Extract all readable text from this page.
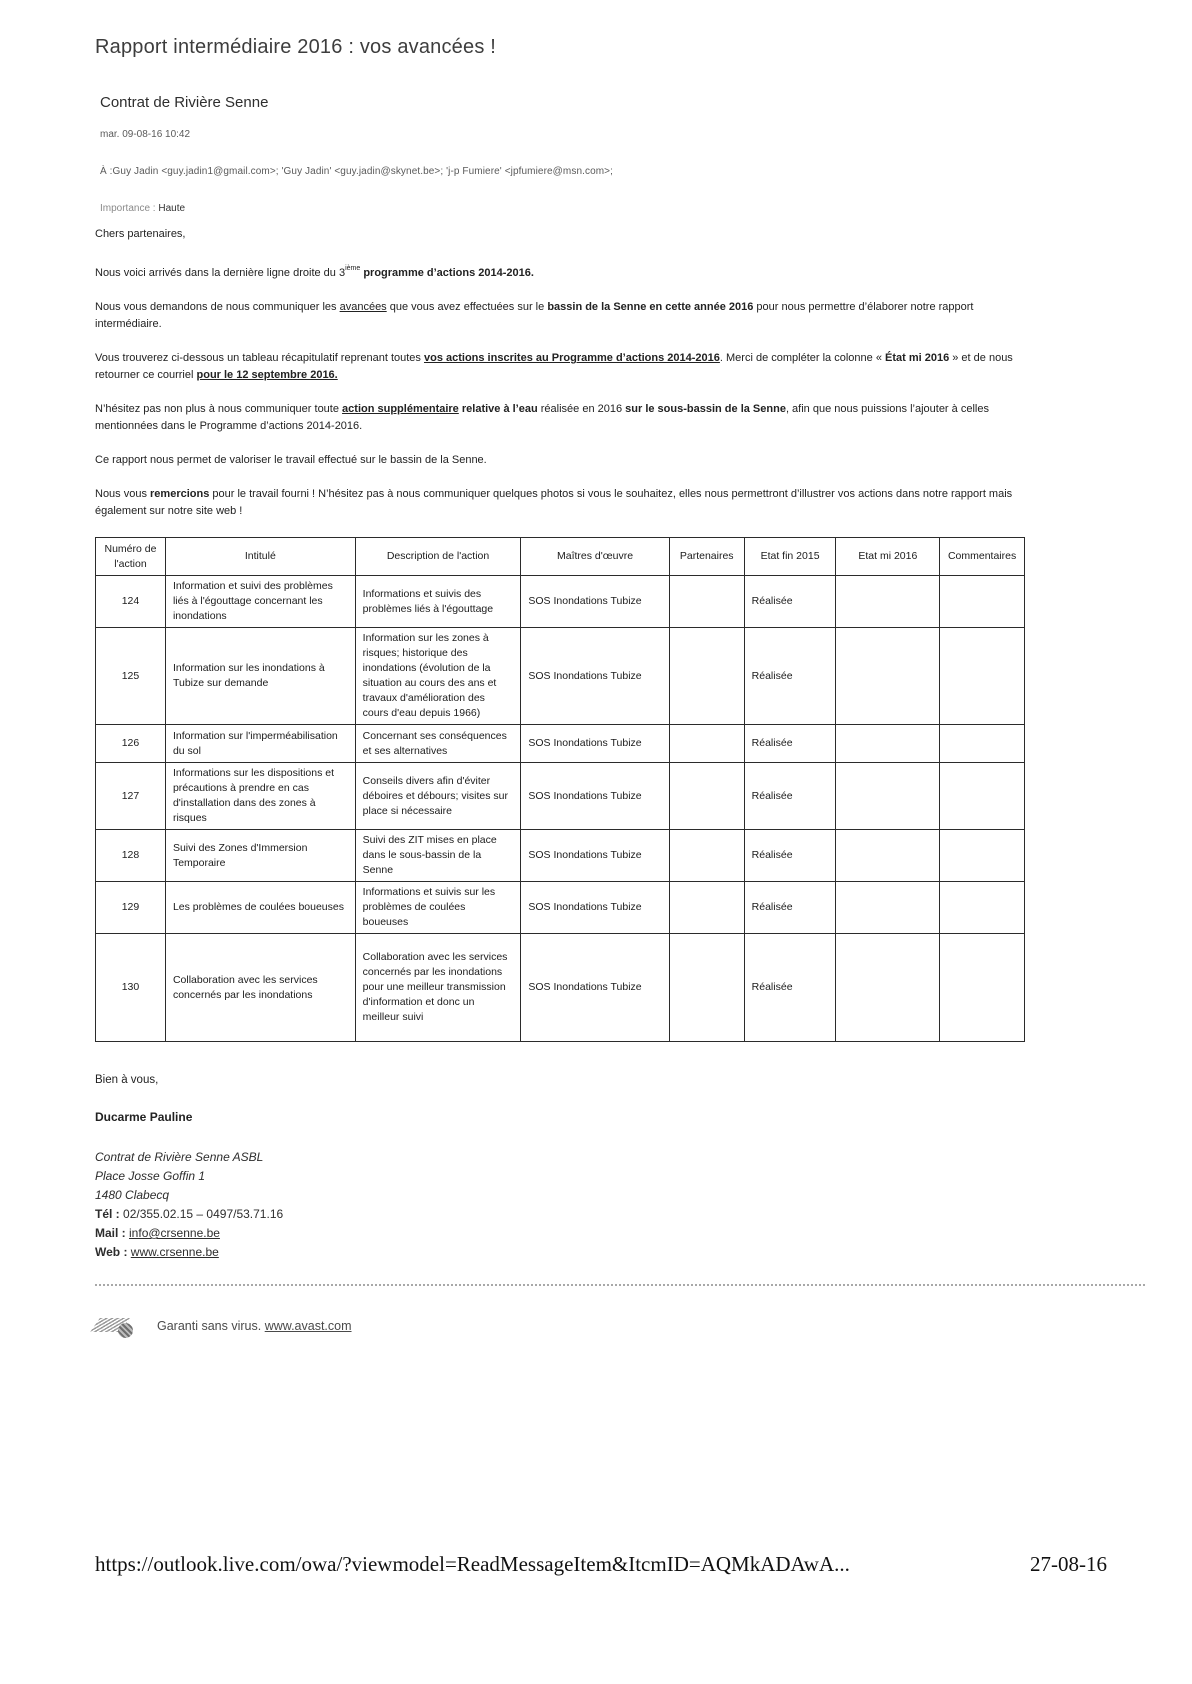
Rapport intermédiaire 2016 : vos avancées !
Contrat de Rivière Senne
mar. 09-08-16 10:42
À :Guy Jadin <guy.jadin1@gmail.com>; 'Guy Jadin' <guy.jadin@skynet.be>; 'j-p Fumiere' <jpfumiere@msn.com>;
Importance : Haute

Chers partenaires,

Nous voici arrivés dans la dernière ligne droite du 3ième programme d’actions 2014-2016.

Nous vous demandons de nous communiquer les avancées que vous avez effectuées sur le bassin de la Senne en cette année 2016 pour nous permettre d’élaborer notre rapport intermédiaire.

Vous trouverez ci-dessous un tableau récapitulatif reprenant toutes vos actions inscrites au Programme d’actions 2014-2016. Merci de compléter la colonne « État mi 2016 » et de nous retourner ce courriel pour le 12 septembre 2016.

N’hésitez pas non plus à nous communiquer toute action supplémentaire relative à l’eau réalisée en 2016 sur le sous-bassin de la Senne, afin que nous puissions l’ajouter à celles mentionnées dans le Programme d’actions 2014-2016.

Ce rapport nous permet de valoriser le travail effectué sur le bassin de la Senne.

Nous vous remercions pour le travail fourni ! N’hésitez pas à nous communiquer quelques photos si vous le souhaitez, elles nous permettront d’illustrer vos actions dans notre rapport mais également sur notre site web !

Numéro de l'action	Intitulé	Description de l'action	Maîtres d'œuvre	Partenaires	Etat fin 2015	Etat mi 2016	Commentaires
124	Information et suivi des problèmes liés à l'égouttage concernant les inondations	Informations et suivis des problèmes liés à l'égouttage	SOS Inondations Tubize		Réalisée		
125	Information sur les inondations à Tubize sur demande	Information sur les zones à risques; historique des inondations (évolution de la situation au cours des ans et travaux d'amélioration des cours d'eau depuis 1966)	SOS Inondations Tubize		Réalisée		
126	Information sur l'imperméabilisation du sol	Concernant ses conséquences et ses alternatives	SOS Inondations Tubize		Réalisée		
127	Informations sur les dispositions et précautions à prendre en cas d'installation dans des zones à risques	Conseils divers afin d'éviter déboires et débours; visites sur place si nécessaire	SOS Inondations Tubize		Réalisée		
128	Suivi des Zones d'Immersion Temporaire	Suivi des ZIT mises en place dans le sous-bassin de la Senne	SOS Inondations Tubize		Réalisée		
129	Les problèmes de coulées boueuses	Informations et suivis sur les problèmes de coulées boueuses	SOS Inondations Tubize		Réalisée		
130	Collaboration avec les services concernés par les inondations	Collaboration avec les services concernés par les inondations pour une meilleur transmission d'information et donc un meilleur suivi	SOS Inondations Tubize		Réalisée		
Bien à vous,
Ducarme Pauline
Contrat de Rivière Senne ASBL
Place Josse Goffin 1
1480 Clabecq
Tél : 02/355.02.15 – 0497/53.71.16
Mail : info@crsenne.be
Web : www.crsenne.be
Garanti sans virus. www.avast.com
https://outlook.live.com/owa/?viewmodel=ReadMessageItem&ItcmID=AQMkADAwA...	27-08-16
